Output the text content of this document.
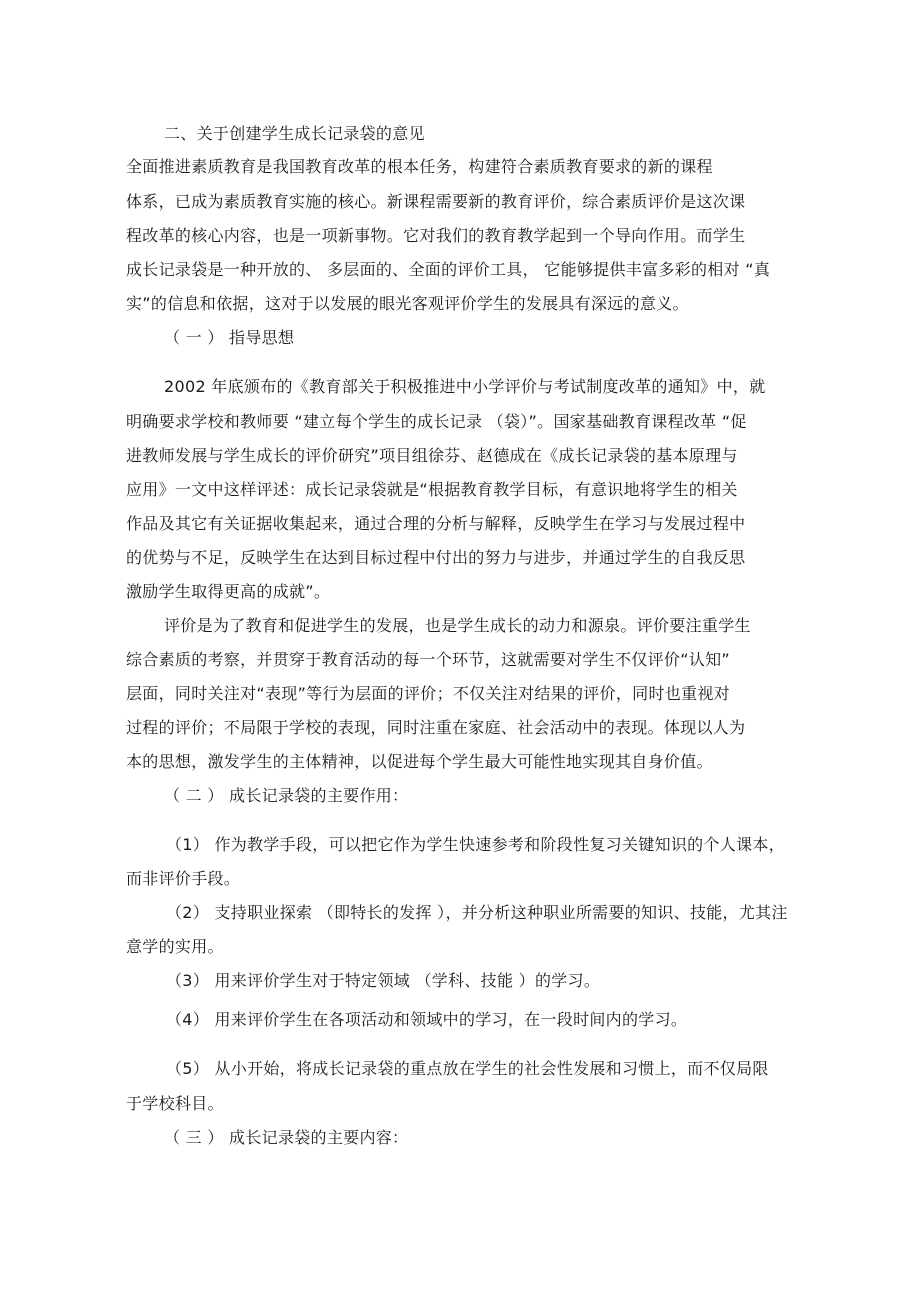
二、关于创建学生成长记录袋的意见
全面推进素质教育是我国教育改革的根本任务，构建符合素质教育要求的新的课程
体系，已成为素质教育实施的核心。新课程需要新的教育评价，综合素质评价是这次课
程改革的核心内容，也是一项新事物。它对我们的教育教学起到一个导向作用。而学生
成长记录袋是一种开放的、 多层面的、全面的评价工具， 它能够提供丰富多彩的相对 “真
实”的信息和依据，这对于以发展的眼光客观评价学生的发展具有深远的意义。
（ 一 ） 指导思想
2002 年底颁布的《教育部关于积极推进中小学评价与考试制度改革的通知》中，就
明确要求学校和教师要 “建立每个学生的成长记录 （袋）”。国家基础教育课程改革 “促
进教师发展与学生成长的评价研究”项目组徐芬、赵德成在《成长记录袋的基本原理与
应用》一文中这样评述：成长记录袋就是“根据教育教学目标，有意识地将学生的相关
作品及其它有关证据收集起来，通过合理的分析与解释，反映学生在学习与发展过程中
的优势与不足，反映学生在达到目标过程中付出的努力与进步，并通过学生的自我反思
激励学生取得更高的成就”。
评价是为了教育和促进学生的发展，也是学生成长的动力和源泉。评价要注重学生
综合素质的考察，并贯穿于教育活动的每一个环节，这就需要对学生不仅评价“认知”
层面，同时关注对“表现”等行为层面的评价；不仅关注对结果的评价，同时也重视对
过程的评价；不局限于学校的表现，同时注重在家庭、社会活动中的表现。体现以人为
本的思想，激发学生的主体精神，以促进每个学生最大可能性地实现其自身价值。
（ 二 ） 成长记录袋的主要作用：
（1） 作为教学手段，可以把它作为学生快速参考和阶段性复习关键知识的个人课本，
而非评价手段。
（2） 支持职业探索 （即特长的发挥 ），并分析这种职业所需要的知识、技能，尤其注
意学的实用。
（3） 用来评价学生对于特定领域 （学科、技能 ）的学习。
（4） 用来评价学生在各项活动和领域中的学习，在一段时间内的学习。
（5） 从小开始，将成长记录袋的重点放在学生的社会性发展和习惯上，而不仅局限
于学校科目。
（ 三 ） 成长记录袋的主要内容：
